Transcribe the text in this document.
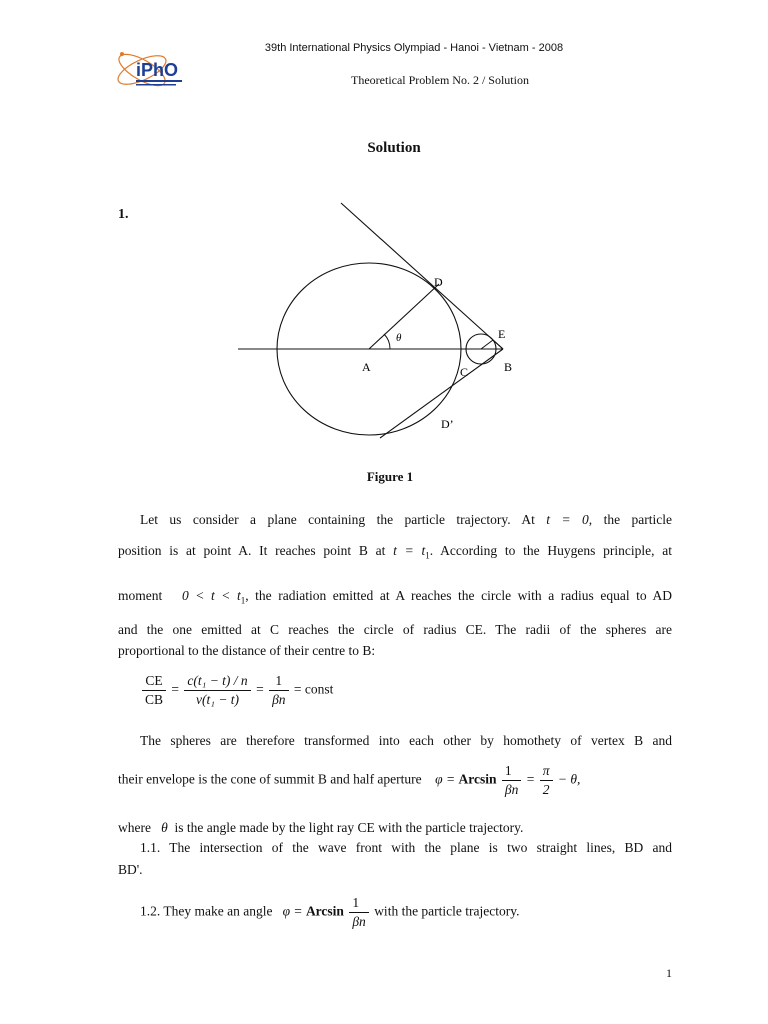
39th International Physics Olympiad - Hanoi - Vietnam - 2008
Theoretical Problem No. 2 / Solution
iPhO
Solution
1.
D
θ
A
E
B
C
D’
Figure 1
Let us consider a plane containing the particle trajectory. At t = 0, the particle
position is at point A. It reaches point B at $t = t_1$. According to the Huygens principle, at
moment $0 < t < t_1$, the radiation emitted at A reaches the circle with a radius equal to AD
and the one emitted at C reaches the circle of radius CE. The radii of the spheres are
proportional to the distance of their centre to B:
$\frac{CE}{CB} = \frac{\text{c(t₁ − t) / n}}{\text{v(t₁ − t)}} = \frac{1}{\beta n}$ = const
The spheres are therefore transformed into each other by homothety of vertex B and
their envelope is the cone of summit B and half aperture φ = Arcsin $\frac{1}{\beta n} = \frac{\pi}{2} - \theta$,
where θ is the angle made by the light ray CE with the particle trajectory.
1.1. The intersection of the wave front with the plane is two straight lines, BD and
BD'.
1.2. They make an angle φ = Arcsin $\frac{1}{\beta n}$ with the particle trajectory.
1
